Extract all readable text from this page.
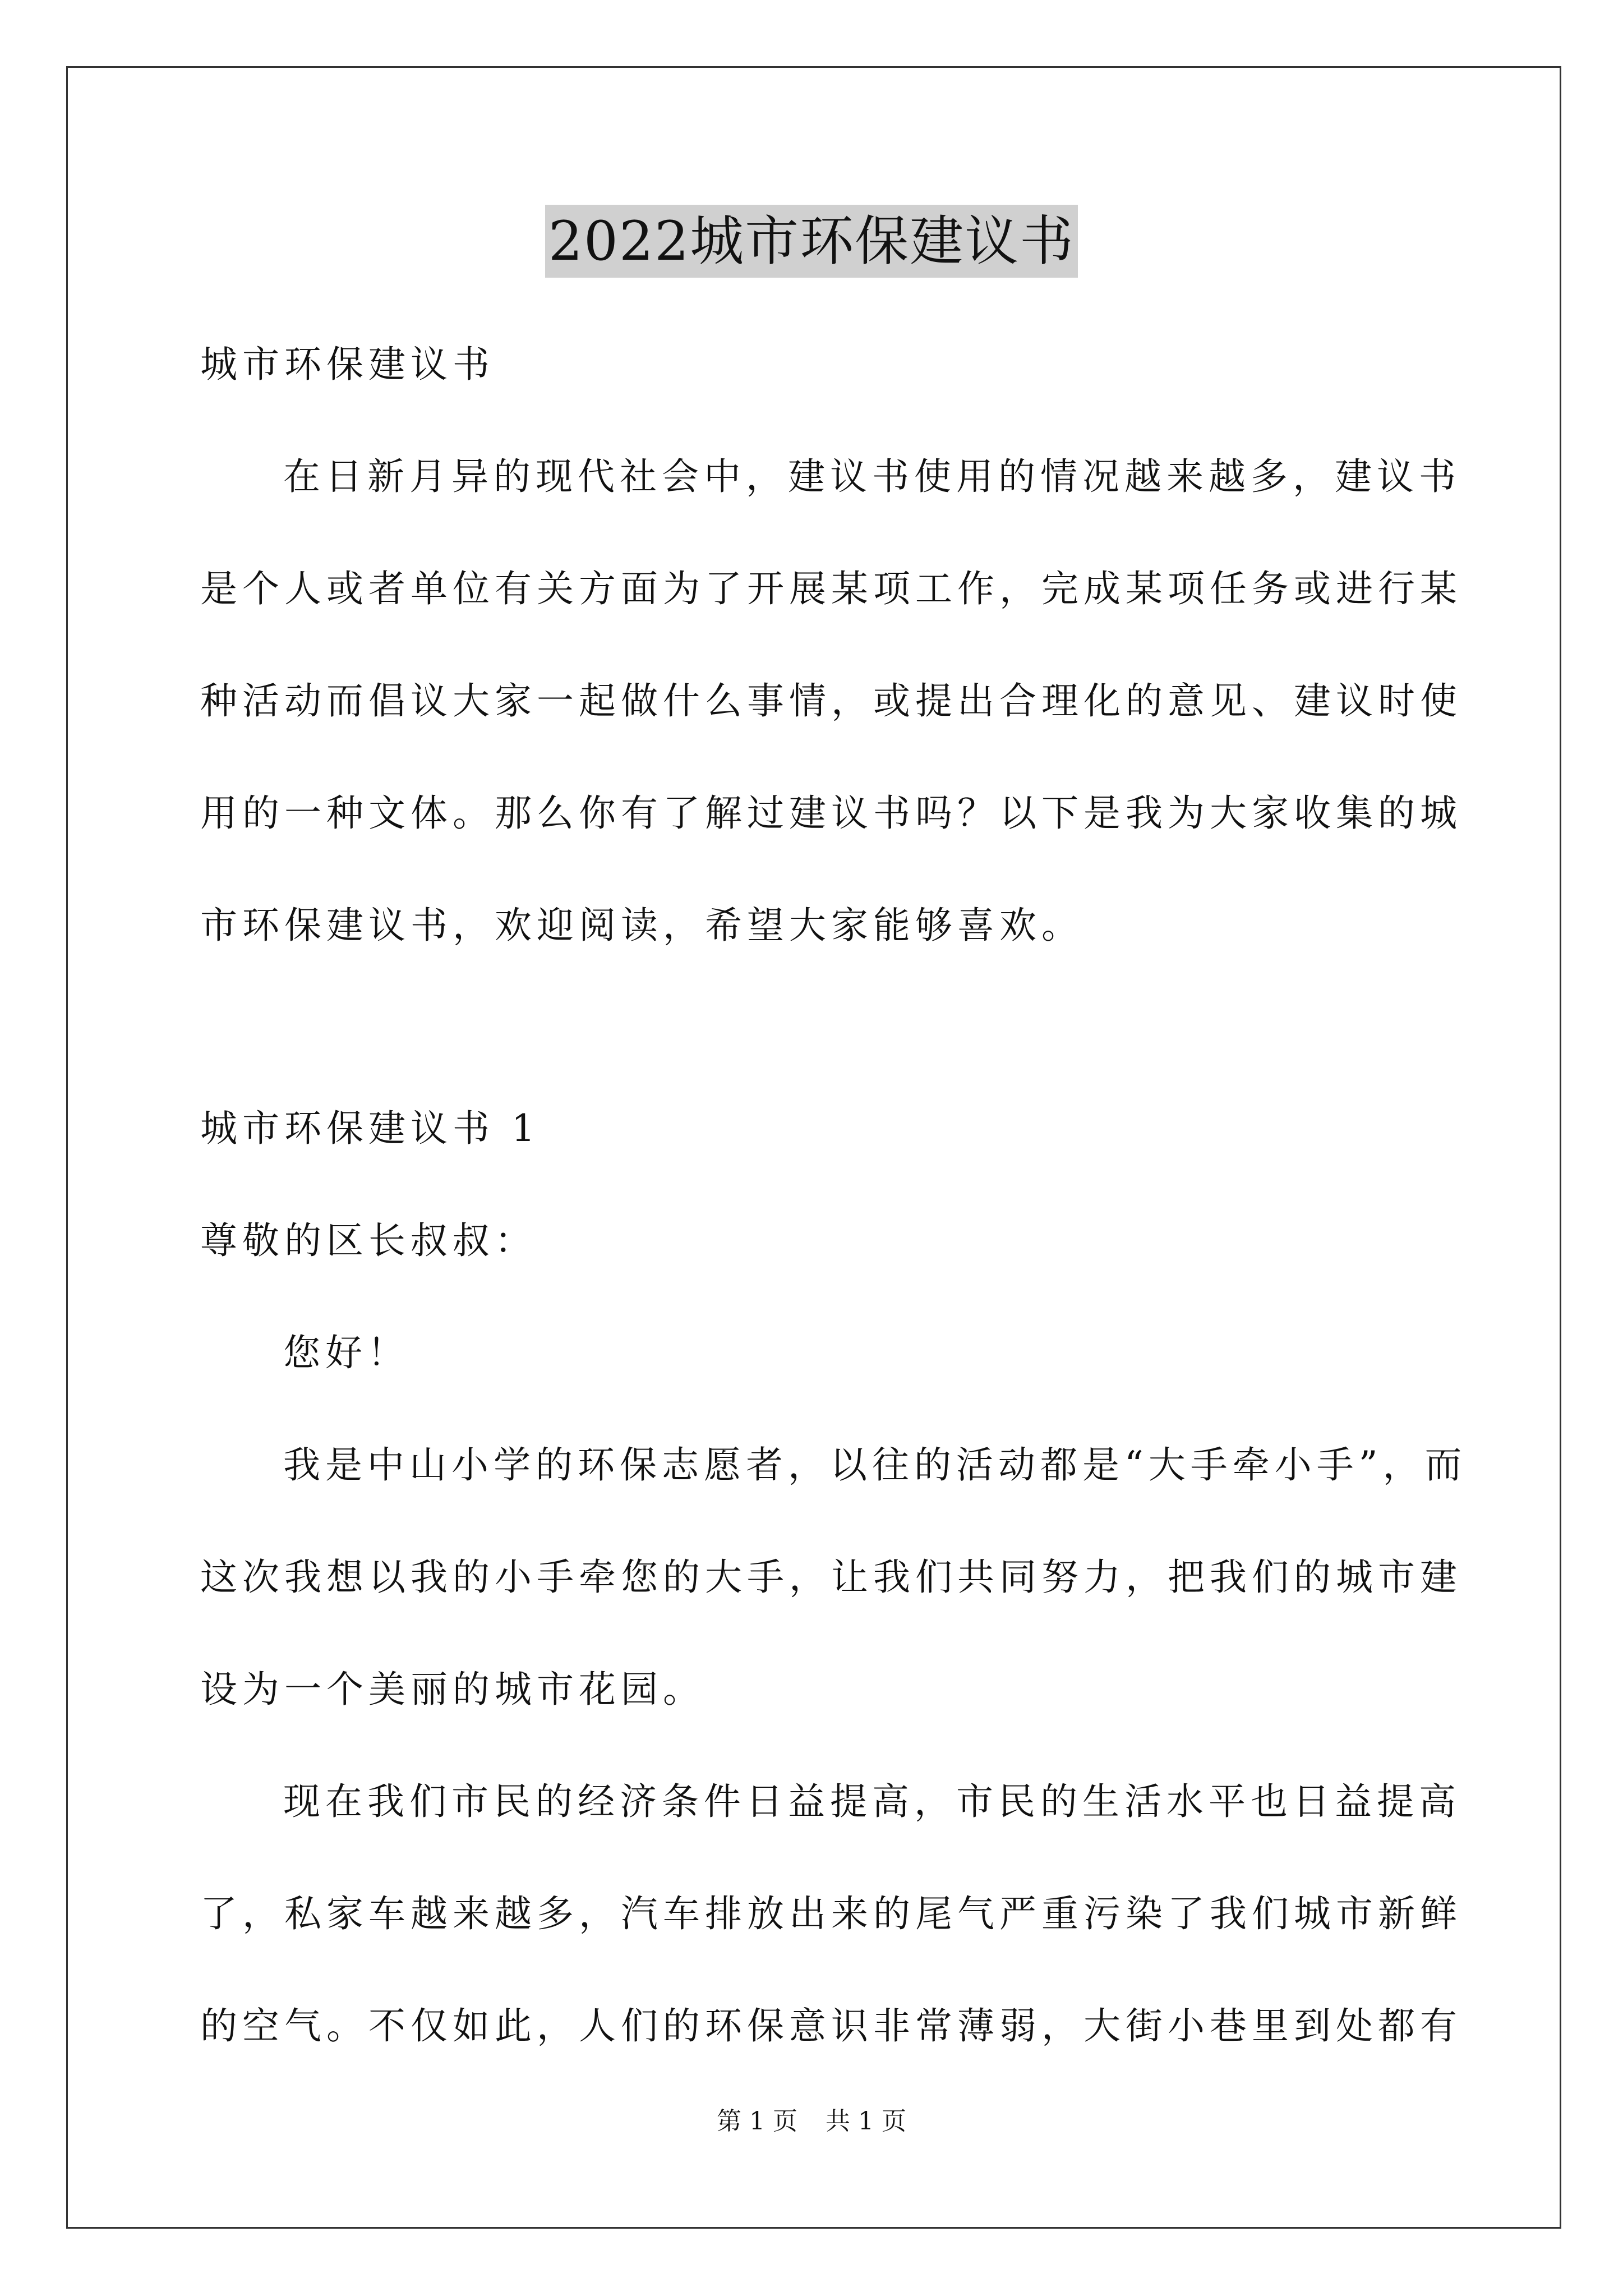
2022城市环保建议书
城市环保建议书
在日新月异的现代社会中，建议书使用的情况越来越多，建议书
是个人或者单位有关方面为了开展某项工作，完成某项任务或进行某
种活动而倡议大家一起做什么事情，或提出合理化的意见、建议时使
用的一种文体。那么你有了解过建议书吗？以下是我为大家收集的城
市环保建议书，欢迎阅读，希望大家能够喜欢。
城市环保建议书 1
尊敬的区长叔叔：
您好！
我是中山小学的环保志愿者，以往的活动都是“大手牵小手”，而
这次我想以我的小手牵您的大手，让我们共同努力，把我们的城市建
设为一个美丽的城市花园。
现在我们市民的经济条件日益提高，市民的生活水平也日益提高
了，私家车越来越多，汽车排放出来的尾气严重污染了我们城市新鲜
的空气。不仅如此，人们的环保意识非常薄弱，大街小巷里到处都有
第 1 页 共 1 页
